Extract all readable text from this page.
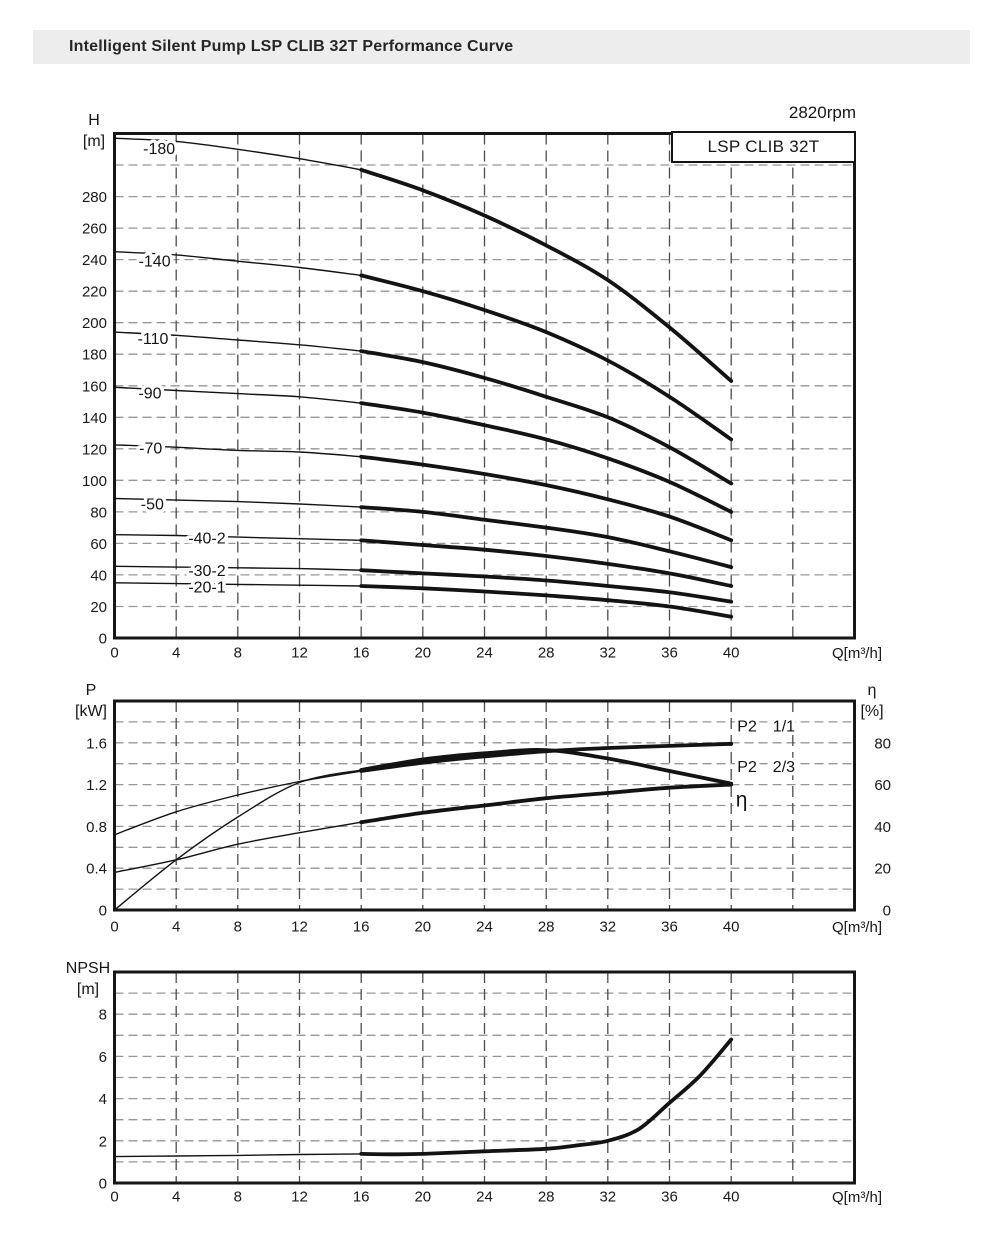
Intelligent Silent Pump LSP CLIB 32T Performance Curve
-180
-140
-110
-90
-70
-50
-40-2
-30-2
-20-1
0
20
40
60
80
100
120
140
160
180
200
220
240
260
280
0	4	8	12	16	20	24	28	32	36	40
P2 1/1
P2 2/3
η
0
0.4
0.8
1.2
1.6
0
20
40
60
80
0	4	8	12	16	20	24	28	32	36	40
0
2
4
6
8
0	4	8	12	16	20	24	28	32	36	40
2820rpm
LSP CLIB 32T
H
[m]
P
[kW]
η
[%]
NPSH
[m]
Q[m³/h]
Q[m³/h]
Q[m³/h]
